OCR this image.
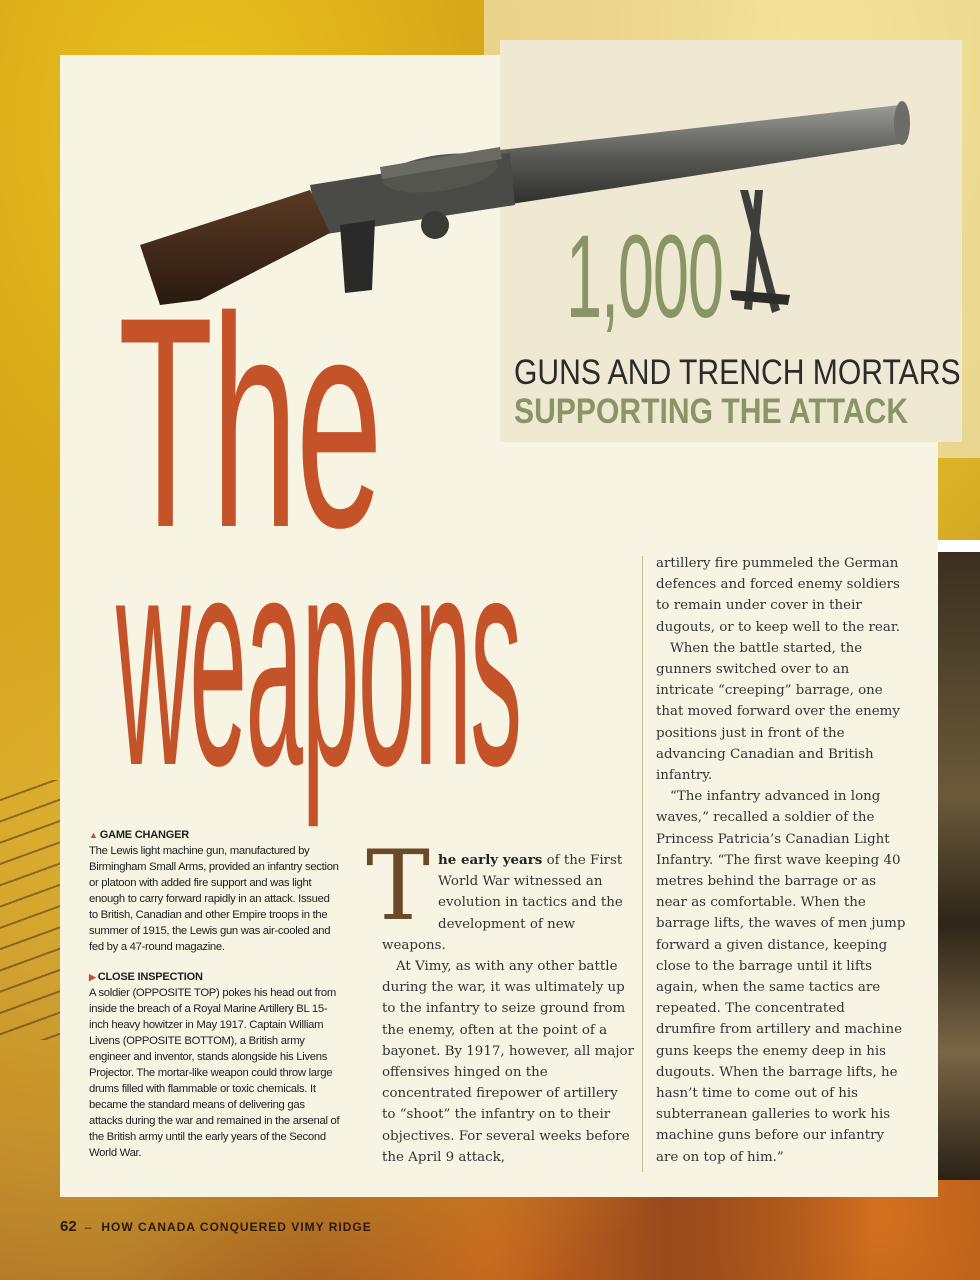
1,000
GUNS AND TRENCH MORTARS
SUPPORTING THE ATTACK
The
weapons

▲ GAME CHANGER

The Lewis light machine gun, manufactured by Birmingham Small Arms, provided an infantry section or platoon with added fire support and was light enough to carry forward rapidly in an attack. Issued to British, Canadian and other Empire troops in the summer of 1915, the Lewis gun was air-cooled and fed by a 47-round magazine.

▶ CLOSE INSPECTION

A soldier (OPPOSITE TOP) pokes his head out from inside the breach of a Royal Marine Artillery BL 15-inch heavy howitzer in May 1917. Captain William Livens (OPPOSITE BOTTOM), a British army engineer and inventor, stands alongside his Livens Projector. The mortar-like weapon could throw large drums filled with flammable or toxic chemicals. It became the standard means of delivering gas attacks during the war and remained in the arsenal of the British army until the early years of the Second World War.

The early years of the First World War witnessed an evolution in tactics and the development of new weapons.

At Vimy, as with any other battle during the war, it was ultimately up to the infantry to seize ground from the enemy, often at the point of a bayonet. By 1917, however, all major offensives hinged on the concentrated firepower of artillery to “shoot” the infantry on to their objectives. For several weeks before the April 9 attack,

artillery fire pummeled the German defences and forced enemy soldiers to remain under cover in their dugouts, or to keep well to the rear.

When the battle started, the gunners switched over to an intricate “creeping” barrage, one that moved forward over the enemy positions just in front of the advancing Canadian and British infantry.

“The infantry advanced in long waves,” recalled a soldier of the Princess Patricia’s Canadian Light Infantry. “The first wave keeping 40 metres behind the barrage or as near as comfortable. When the barrage lifts, the waves of men jump forward a given distance, keeping close to the barrage until it lifts again, when the same tactics are repeated. The concentrated drumfire from artillery and machine guns keeps the enemy deep in his dugouts. When the barrage lifts, he hasn’t time to come out of his subterranean galleries to work his machine guns before our infantry are on top of him.”

62 – HOW CANADA CONQUERED VIMY RIDGE
